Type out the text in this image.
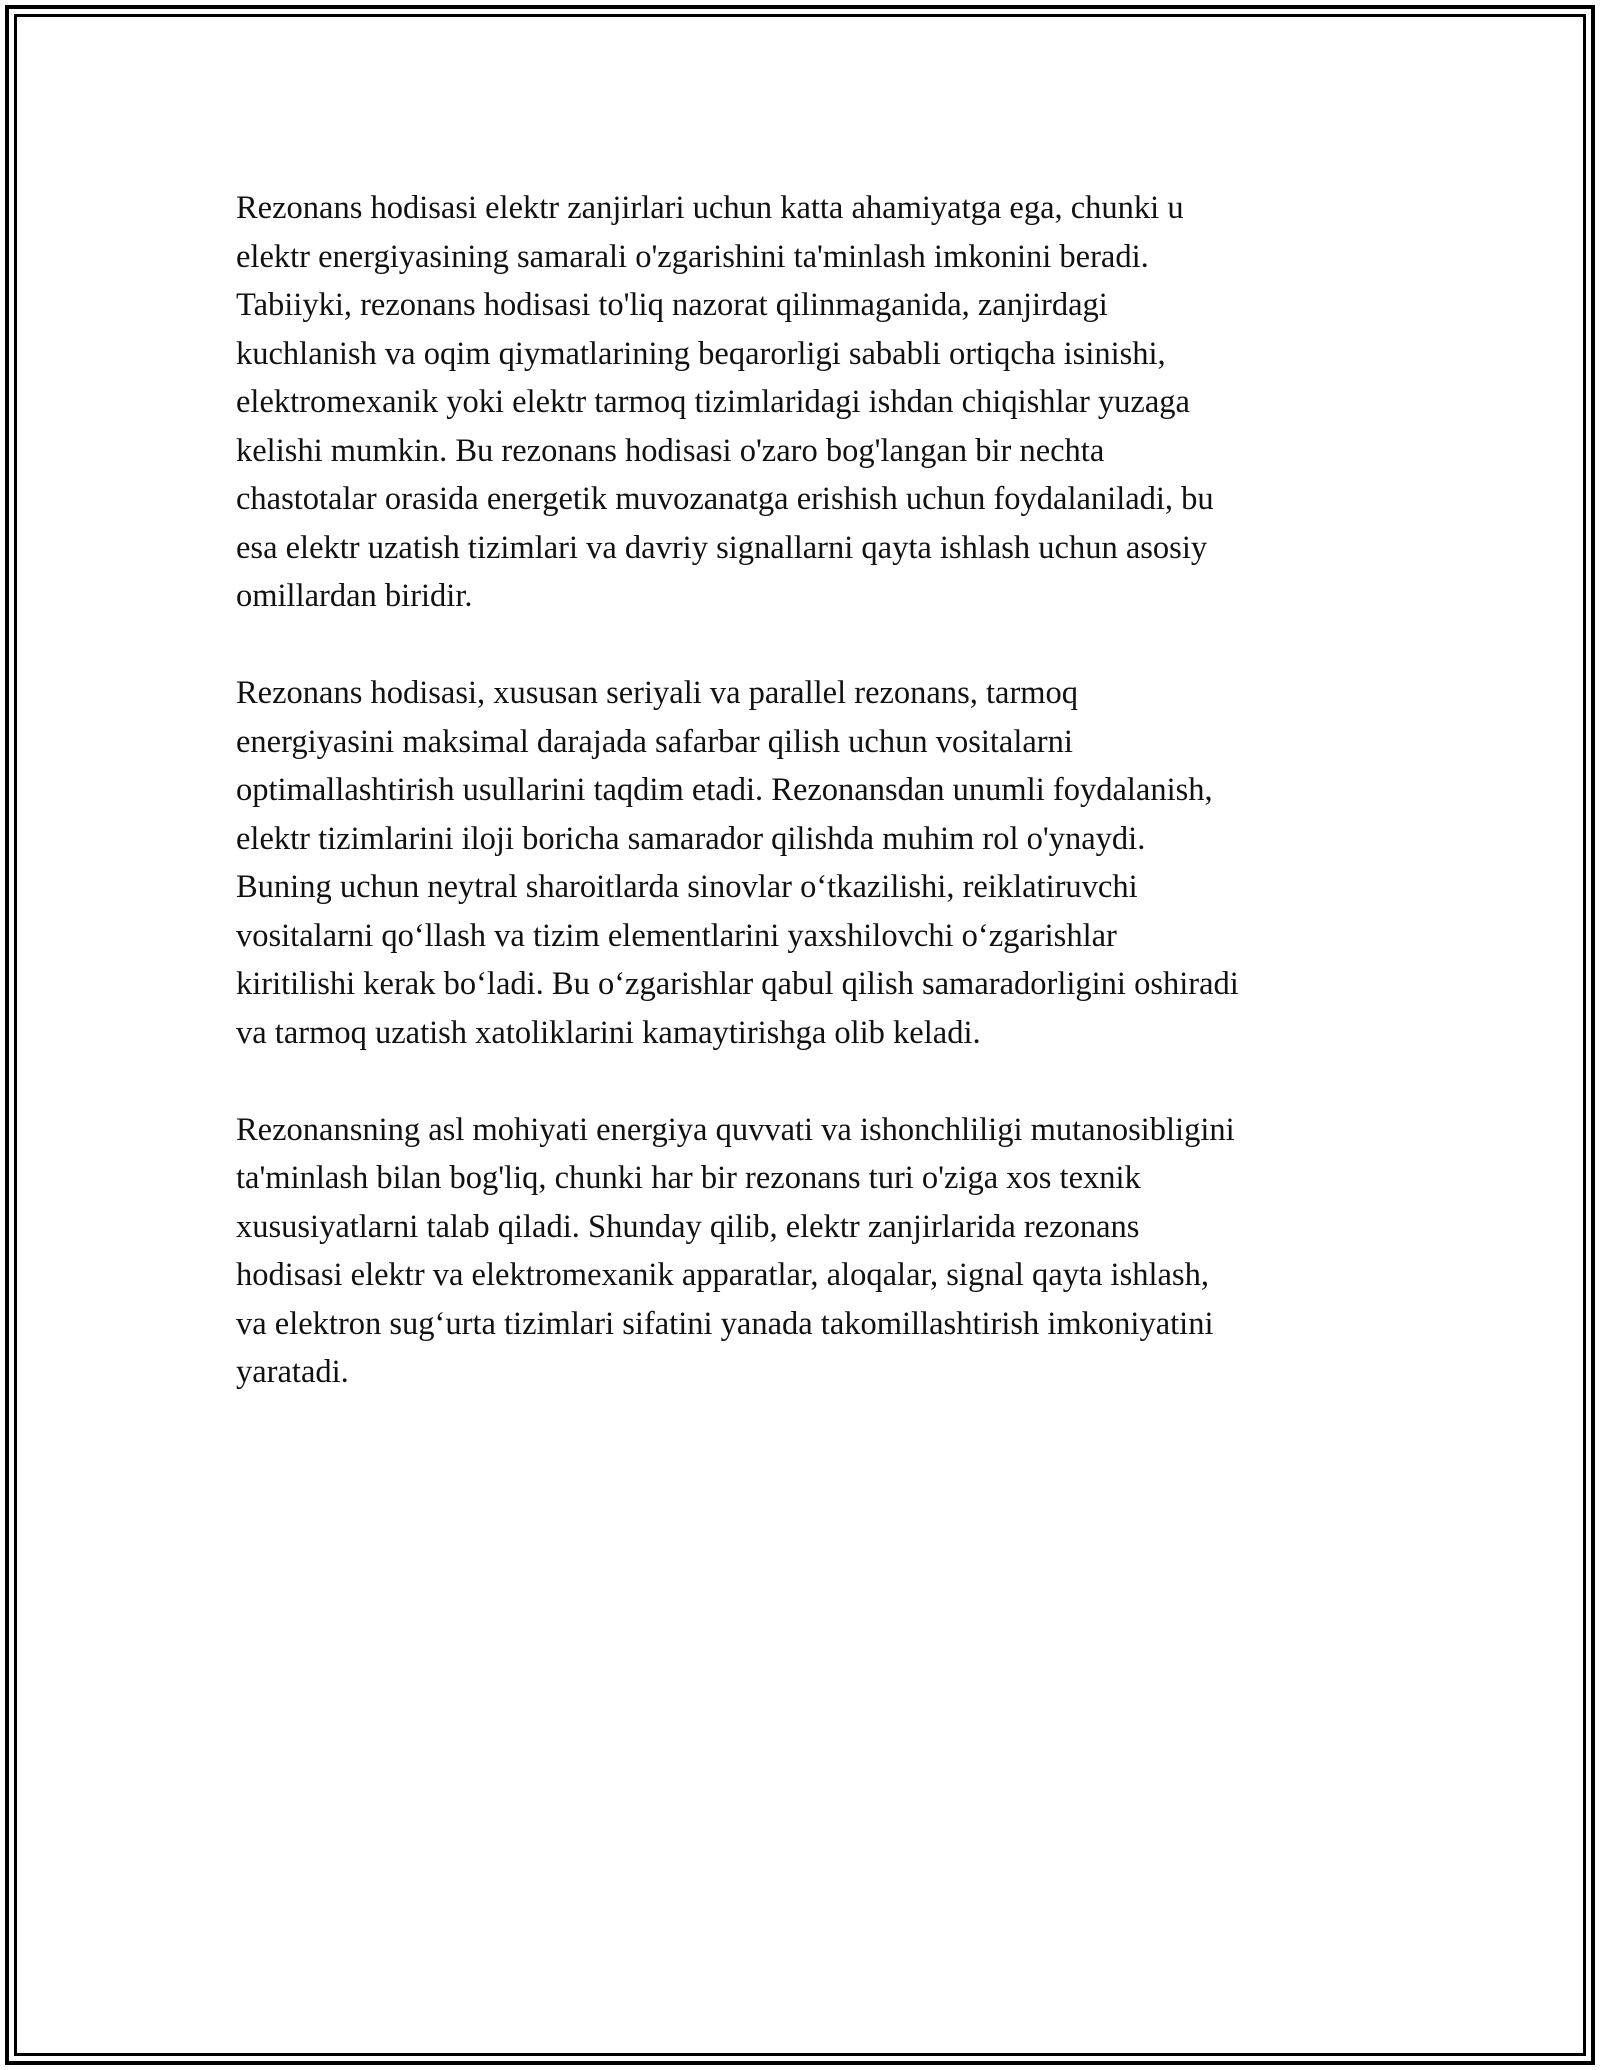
Rezonans hodisasi elektr zanjirlari uchun katta ahamiyatga ega, chunki u
elektr energiyasining samarali o'zgarishini ta'minlash imkonini beradi.
Tabiiyki, rezonans hodisasi to'liq nazorat qilinmaganida, zanjirdagi
kuchlanish va oqim qiymatlarining beqarorligi sababli ortiqcha isinishi,
elektromexanik yoki elektr tarmoq tizimlaridagi ishdan chiqishlar yuzaga
kelishi mumkin. Bu rezonans hodisasi o'zaro bog'langan bir nechta
chastotalar orasida energetik muvozanatga erishish uchun foydalaniladi, bu
esa elektr uzatish tizimlari va davriy signallarni qayta ishlash uchun asosiy
omillardan biridir.

Rezonans hodisasi, xususan seriyali va parallel rezonans, tarmoq
energiyasini maksimal darajada safarbar qilish uchun vositalarni
optimallashtirish usullarini taqdim etadi. Rezonansdan unumli foydalanish,
elektr tizimlarini iloji boricha samarador qilishda muhim rol o'ynaydi.
Buning uchun neytral sharoitlarda sinovlar o‘tkazilishi, reiklatiruvchi
vositalarni qo‘llash va tizim elementlarini yaxshilovchi o‘zgarishlar
kiritilishi kerak bo‘ladi. Bu o‘zgarishlar qabul qilish samaradorligini oshiradi
va tarmoq uzatish xatoliklarini kamaytirishga olib keladi.

Rezonansning asl mohiyati energiya quvvati va ishonchliligi mutanosibligini
ta'minlash bilan bog'liq, chunki har bir rezonans turi o'ziga xos texnik
xususiyatlarni talab qiladi. Shunday qilib, elektr zanjirlarida rezonans
hodisasi elektr va elektromexanik apparatlar, aloqalar, signal qayta ishlash,
va elektron sug‘urta tizimlari sifatini yanada takomillashtirish imkoniyatini
yaratadi.
